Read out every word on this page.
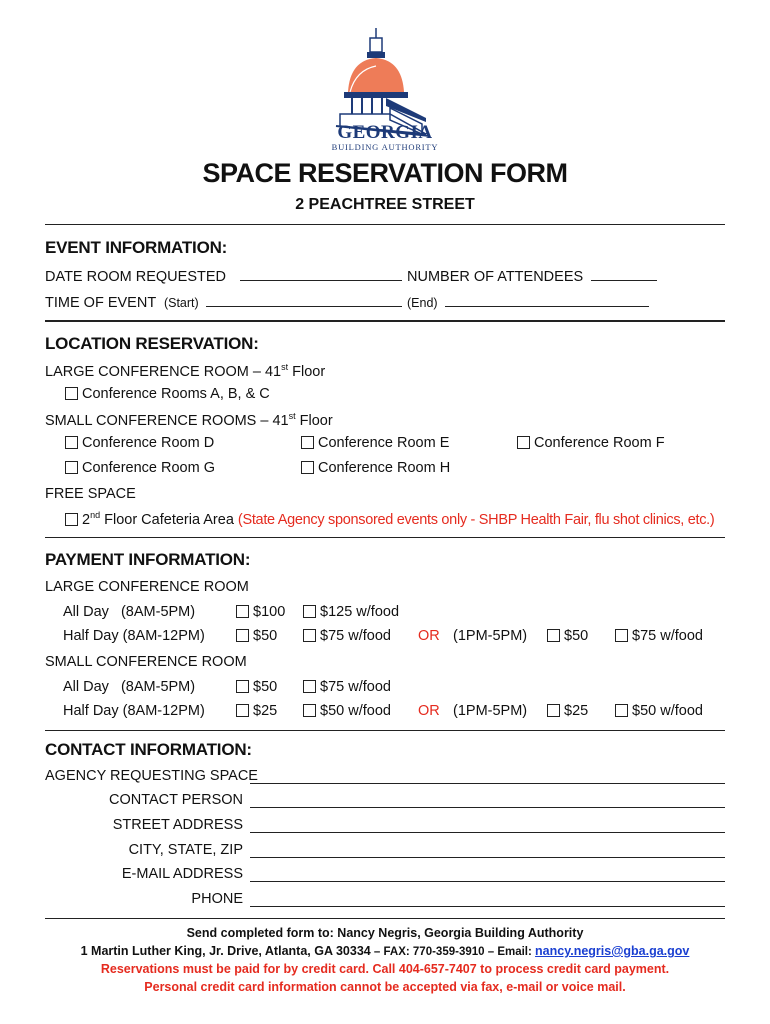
GEORGIA
BUILDING AUTHORITY
SPACE RESERVATION FORM
2 PEACHTREE STREET
EVENT INFORMATION:
DATE ROOM REQUESTED	NUMBER OF ATTENDEES
TIME OF EVENT (Start)	(End)
LOCATION RESERVATION:
LARGE CONFERENCE ROOM – 41st Floor
Conference Rooms A, B, & C
SMALL CONFERENCE ROOMS – 41st Floor
Conference Room D	Conference Room E	Conference Room F
Conference Room G	Conference Room H
FREE SPACE
2nd Floor Cafeteria Area (State Agency sponsored events only - SHBP Health Fair, flu shot clinics, etc.)
PAYMENT INFORMATION:
LARGE CONFERENCE ROOM
All Day (8AM-5PM)	$100	$125 w/food
Half Day (8AM-12PM)	$50	$75 w/food OR (1PM-5PM)	$50	$75 w/food
SMALL CONFERENCE ROOM
All Day (8AM-5PM)	$50	$75 w/food
Half Day (8AM-12PM)	$25	$50 w/food OR (1PM-5PM)	$25	$50 w/food
CONTACT INFORMATION:
AGENCY REQUESTING SPACE
CONTACT PERSON
STREET ADDRESS
CITY, STATE, ZIP
E-MAIL ADDRESS
PHONE
Send completed form to: Nancy Negris, Georgia Building Authority
1 Martin Luther King, Jr. Drive, Atlanta, GA 30334 – FAX: 770-359-3910 – Email: nancy.negris@gba.ga.gov
Reservations must be paid for by credit card. Call 404-657-7407 to process credit card payment.
Personal credit card information cannot be accepted via fax, e-mail or voice mail.
